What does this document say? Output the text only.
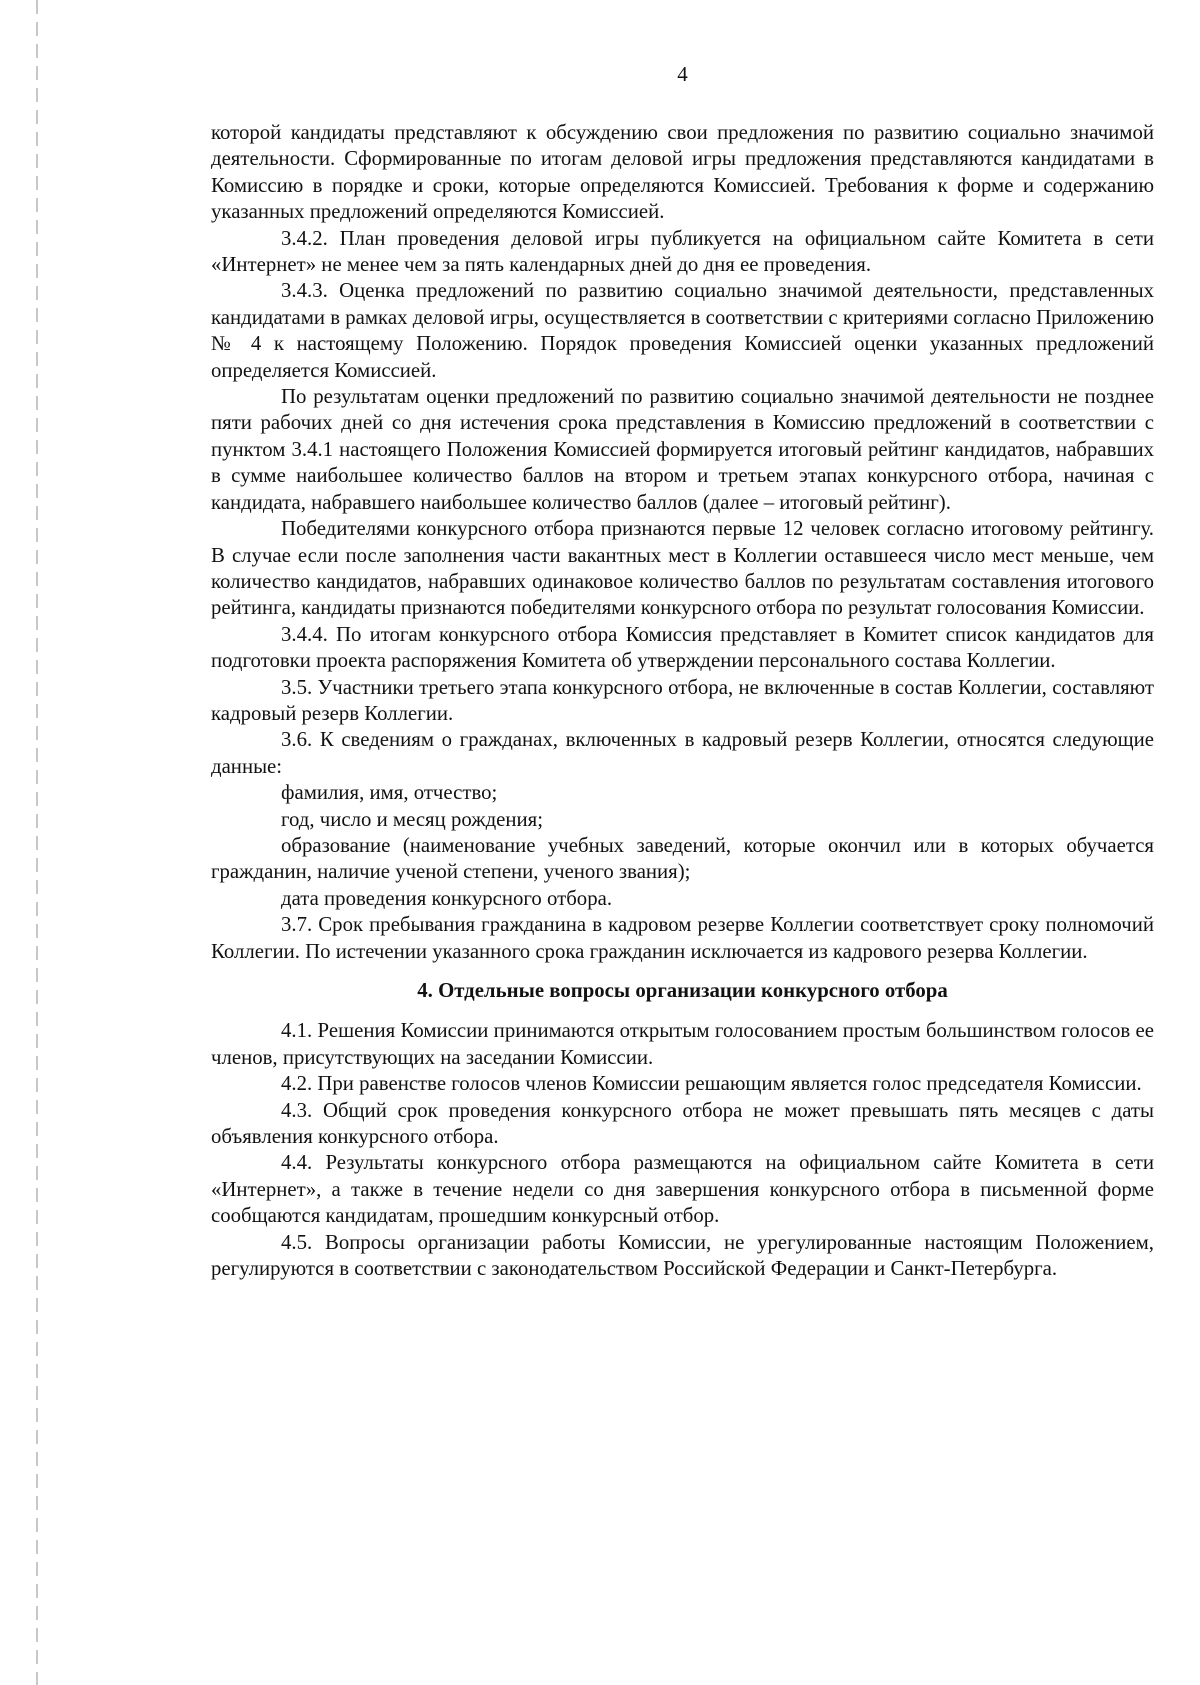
4

которой кандидаты представляют к обсуждению свои предложения по развитию социально значимой деятельности. Сформированные по итогам деловой игры предложения представляются кандидатами в Комиссию в порядке и сроки, которые определяются Комиссией. Требования к форме и содержанию указанных предложений определяются Комиссией.

3.4.2. План проведения деловой игры публикуется на официальном сайте Комитета в сети «Интернет» не менее чем за пять календарных дней до дня ее проведения.

3.4.3. Оценка предложений по развитию социально значимой деятельности, представленных кандидатами в рамках деловой игры, осуществляется в соответствии с критериями согласно Приложению № 4 к настоящему Положению. Порядок проведения Комиссией оценки указанных предложений определяется Комиссией.

По результатам оценки предложений по развитию социально значимой деятельности не позднее пяти рабочих дней со дня истечения срока представления в Комиссию предложений в соответствии с пунктом 3.4.1 настоящего Положения Комиссией формируется итоговый рейтинг кандидатов, набравших в сумме наибольшее количество баллов на втором и третьем этапах конкурсного отбора, начиная с кандидата, набравшего наибольшее количество баллов (далее – итоговый рейтинг).

Победителями конкурсного отбора признаются первые 12 человек согласно итоговому рейтингу. В случае если после заполнения части вакантных мест в Коллегии оставшееся число мест меньше, чем количество кандидатов, набравших одинаковое количество баллов по результатам составления итогового рейтинга, кандидаты признаются победителями конкурсного отбора по результат голосования Комиссии.

3.4.4. По итогам конкурсного отбора Комиссия представляет в Комитет список кандидатов для подготовки проекта распоряжения Комитета об утверждении персонального состава Коллегии.

3.5. Участники третьего этапа конкурсного отбора, не включенные в состав Коллегии, составляют кадровый резерв Коллегии.

3.6. К сведениям о гражданах, включенных в кадровый резерв Коллегии, относятся следующие данные:

фамилия, имя, отчество;

год, число и месяц рождения;

образование (наименование учебных заведений, которые окончил или в которых обучается гражданин, наличие ученой степени, ученого звания);

дата проведения конкурсного отбора.

3.7. Срок пребывания гражданина в кадровом резерве Коллегии соответствует сроку полномочий Коллегии. По истечении указанного срока гражданин исключается из кадрового резерва Коллегии.

4. Отдельные вопросы организации конкурсного отбора

4.1. Решения Комиссии принимаются открытым голосованием простым большинством голосов ее членов, присутствующих на заседании Комиссии.

4.2. При равенстве голосов членов Комиссии решающим является голос председателя Комиссии.

4.3. Общий срок проведения конкурсного отбора не может превышать пять месяцев с даты объявления конкурсного отбора.

4.4. Результаты конкурсного отбора размещаются на официальном сайте Комитета в сети «Интернет», а также в течение недели со дня завершения конкурсного отбора в письменной форме сообщаются кандидатам, прошедшим конкурсный отбор.

4.5. Вопросы организации работы Комиссии, не урегулированные настоящим Положением, регулируются в соответствии с законодательством Российской Федерации и Санкт-Петербурга.
